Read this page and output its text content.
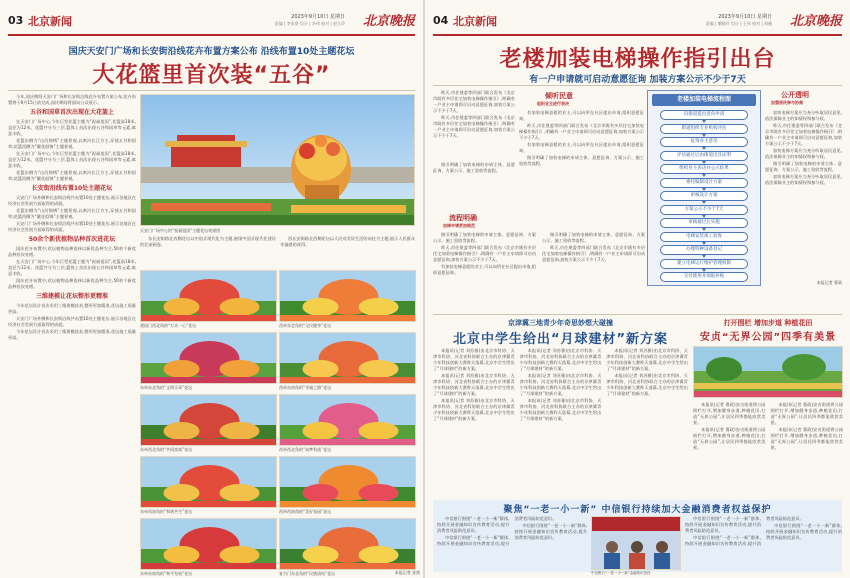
03 北京新闻	2023年9月10日 星期日
责编 | 李家豪 设计 | 李伟 校对 | 赵久玲 北京晚报
国庆天安门广场和长安街沿线花卉布置方案公布 沿线布置10处主题花坛
大花篮里首次装“五谷”

今年,国庆期间天安门广场和长安街沿线花卉布置方案公布,花卉布置将于9月15日前完成,国庆期间将面向公众展示。

五谷和国草首次出现在大花篮上

在天安门广场中心,今年巨型花篮主题为“祝福祖国”,花篮高18米,直径为12米。花篮共分为三层,篮体上首次出现五谷和国草等元素,寓意丰收。

花篮东侧为“山河锦绣”主题景观,以黄河长江为主,穿插五谷和国草;花篮西侧为“繁花似锦”主题景观。

在天安门广场中心,今年巨型花篮主题为“祝福祖国”,花篮高18米,直径为12米。花篮共分为三层,篮体上首次出现五谷和国草等元素,寓意丰收。

花篮东侧为“山河锦绣”主题景观,以黄河长江为主,穿插五谷和国草;花篮西侧为“繁花似锦”主题景观。

长安街沿线布置10处主题花坛

天安门广场外侧和长安街沿线共布置10处主题花坛,展示各地区在经济社会发展方面取得的成就。

花篮东侧为“山河锦绣”主题景观,以黄河长江为主,穿插五谷和国草;花篮西侧为“繁花似锦”主题景观。

天安门广场外侧和长安街沿线共布置10处主题花坛,展示各地区在经济社会发展方面取得的成就。

50余个新优植物品种首次进花坛

国庆花卉布置中,花坛植物品种选择以新优品种为主,50余个新优品种首次亮相。

在天安门广场中心,今年巨型花篮主题为“祝福祖国”,花篮高18米,直径为12米。花篮共分为三层,篮体上首次出现五谷和国草等元素,寓意丰收。

国庆花卉布置中,花坛植物品种选择以新优品种为主,50余个新优品种首次亮相。

三维建模让花坛整形更精准

今年花坛设计首次采用三维建模技术,整形更加精准,花坛施工质量更高。

天安门广场外侧和长安街沿线共布置10处主题花坛,展示各地区在经济社会发展方面取得的成就。

今年花坛设计首次采用三维建模技术,整形更加精准,花坛施工质量更高。

天安门广场中心的“祝福祖国”主题花坛效果图

东长安街路北西侧花坛以中国式现代化为主题,展现中国式现代化建设的壮丽画卷。

西长安街路北西侧花坛以人民对美好生活的向往为主题,展示人民群众幸福感的获得。

建国门西北角的“万众一心”花坛	西单东北角的“全民健身”花坛
东单东北角的“文明乐章”花坛	西单东南角的“幸福之路”花坛
东单西北角的“共同富裕”花坛	西单西北角的“筑梦科技”花坛
东单西南角的“和谐共生”花坛	西单西南角的“美好家园”花坛
东单东南角的“和平发展”花坛	复兴门东北角的“民族团结”花坛	本报记者 张茜
04 北京新闻	2023年9月10日 星期日
责编 | 谢晓玲 设计 | 王伟 校对 | 胡薇 北京晚报
老楼加装电梯操作指引出台
有一户申请就可启动意愿征询 加装方案公示不少于7天

昨天,市住建委等四部门联合发布《北京市既有多层住宅加装电梯操作指引》,明确有一户业主申请即可启动意愿征询,加装方案公示不少于7天。

昨天,市住建委等四部门联合发布《北京市既有多层住宅加装电梯操作指引》,明确有一户业主申请即可启动意愿征询,加装方案公示不少于7天。

倾听民意
组织业主进行表决

有加装电梯意愿的业主,可以向所在社区提出申请,组织意愿征询。

昨天,市住建委等四部门联合发布《北京市既有多层住宅加装电梯操作指引》,明确有一户业主申请即可启动意愿征询,加装方案公示不少于7天。

有加装电梯意愿的业主,可以向所在社区提出申请,组织意愿征询。

指引明确了加装电梯的申请主体、意愿征询、方案公示、施工验收等流程。

指引明确了加装电梯的申请主体、意愿征询、方案公示、施工验收等流程。

流程明确
加梯申请更加规范

指引明确了加装电梯的申请主体、意愿征询、方案公示、施工验收等流程。

昨天,市住建委等四部门联合发布《北京市既有多层住宅加装电梯操作指引》,明确有一户业主申请即可启动意愿征询,加装方案公示不少于7天。

有加装电梯意愿的业主,可以向所在社区提出申请,组织意愿征询。

指引明确了加装电梯的申请主体、意愿征询、方案公示、施工验收等流程。

昨天,市住建委等四部门联合发布《北京市既有多层住宅加装电梯操作指引》,明确有一户业主申请即可启动意愿征询,加装方案公示不少于7天。

老楼加装电梯流程图
向街道提出意向申请
街道组织专业机构评估
征询业主意见
评估通过后由街道出具证明
组织业主表决并公示结果
委托编制设计方案
审核设计方案
方案公示不少于7天
审核通过后实施
电梯安装竣工验收
办理特种设备登记
建立电梯运行维护管理机制
交付使用并领取补贴
公开透明
加强居民参与协商

加装电梯方案应当充分听取居民意见,依法保障业主的知情权和参与权。

昨天,市住建委等四部门联合发布《北京市既有多层住宅加装电梯操作指引》,明确有一户业主申请即可启动意愿征询,加装方案公示不少于7天。

加装电梯方案应当充分听取居民意见,依法保障业主的知情权和参与权。

指引明确了加装电梯的申请主体、意愿征询、方案公示、施工验收等流程。

加装电梯方案应当充分听取居民意见,依法保障业主的知情权和参与权。

本报记者 曹政
京津冀三地青少年奇思妙想大碰撞
北京中学生给出“月球建材”新方案

本报讯(记者 刘苏雅)由北京市科协、天津市科协、河北省科协联合主办的京津冀青少年科技创新大赛昨天落幕,北京中学生给出了“月球建材”的新方案。

本报讯(记者 刘苏雅)由北京市科协、天津市科协、河北省科协联合主办的京津冀青少年科技创新大赛昨天落幕,北京中学生给出了“月球建材”的新方案。

本报讯(记者 刘苏雅)由北京市科协、天津市科协、河北省科协联合主办的京津冀青少年科技创新大赛昨天落幕,北京中学生给出了“月球建材”的新方案。

本报讯(记者 刘苏雅)由北京市科协、天津市科协、河北省科协联合主办的京津冀青少年科技创新大赛昨天落幕,北京中学生给出了“月球建材”的新方案。

本报讯(记者 刘苏雅)由北京市科协、天津市科协、河北省科协联合主办的京津冀青少年科技创新大赛昨天落幕,北京中学生给出了“月球建材”的新方案。

本报讯(记者 刘苏雅)由北京市科协、天津市科协、河北省科协联合主办的京津冀青少年科技创新大赛昨天落幕,北京中学生给出了“月球建材”的新方案。

本报讯(记者 刘苏雅)由北京市科协、天津市科协、河北省科协联合主办的京津冀青少年科技创新大赛昨天落幕,北京中学生给出了“月球建材”的新方案。

本报讯(记者 刘苏雅)由北京市科协、天津市科协、河北省科协联合主办的京津冀青少年科技创新大赛昨天落幕,北京中学生给出了“月球建材”的新方案。

打开围栏 增加步道 种植花田
安贞“无界公园”四季有美景

本报讯(记者 曹政)安贞街道将公园围栏打开,增加健身步道,种植花田,打造“无界公园”,让居民四季都能欣赏美景。

本报讯(记者 曹政)安贞街道将公园围栏打开,增加健身步道,种植花田,打造“无界公园”,让居民四季都能欣赏美景。

本报讯(记者 曹政)安贞街道将公园围栏打开,增加健身步道,种植花田,打造“无界公园”,让居民四季都能欣赏美景。

本报讯(记者 曹政)安贞街道将公园围栏打开,增加健身步道,种植花田,打造“无界公园”,让居民四季都能欣赏美景。

聚焦“一老一小一新” 中信银行持续加大金融消费者权益保护

中信银行围绕“一老一小一新”群体,持续开展金融知识宣传教育活动,提升消费者风险防范意识。

中信银行围绕“一老一小一新”群体,持续开展金融知识宣传教育活动,提升消费者风险防范意识。

中信银行围绕“一老一小一新”群体,持续开展金融知识宣传教育活动,提升消费者风险防范意识。

中信银行“一老一小一新”金融知识宣传

中信银行围绕“一老一小一新”群体,持续开展金融知识宣传教育活动,提升消费者风险防范意识。

中信银行围绕“一老一小一新”群体,持续开展金融知识宣传教育活动,提升消费者风险防范意识。

中信银行围绕“一老一小一新”群体,持续开展金融知识宣传教育活动,提升消费者风险防范意识。
